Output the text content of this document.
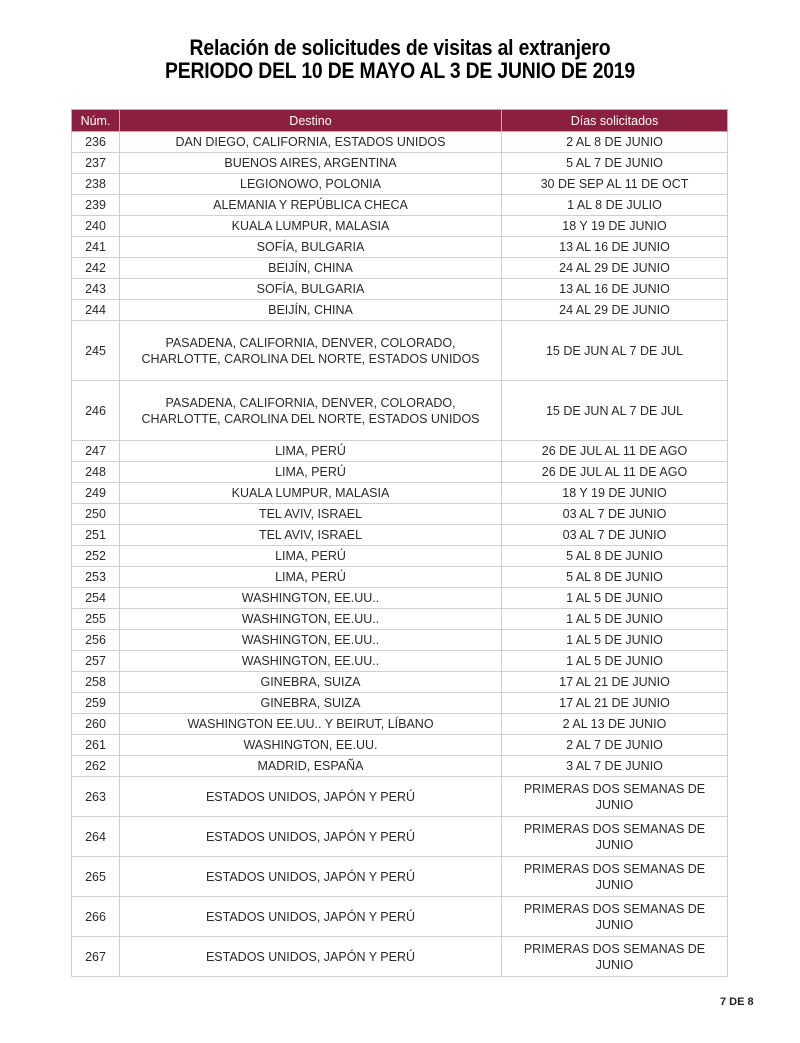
Relación de solicitudes de visitas al extranjero
PERIODO DEL 10 DE MAYO AL 3 DE JUNIO DE 2019
Núm.	Destino	Días solicitados
236	DAN DIEGO, CALIFORNIA, ESTADOS UNIDOS	2 AL 8 DE JUNIO
237	BUENOS AIRES, ARGENTINA	5 AL 7 DE JUNIO
238	LEGIONOWO, POLONIA	30 DE SEP AL 11 DE OCT
239	ALEMANIA Y REPÚBLICA CHECA	1 AL 8 DE JULIO
240	KUALA LUMPUR, MALASIA	18 Y 19 DE JUNIO
241	SOFÍA, BULGARIA	13 AL 16 DE JUNIO
242	BEIJÍN, CHINA	24 AL 29 DE JUNIO
243	SOFÍA, BULGARIA	13 AL 16 DE JUNIO
244	BEIJÍN, CHINA	24 AL 29 DE JUNIO
245	PASADENA, CALIFORNIA, DENVER, COLORADO,
CHARLOTTE, CAROLINA DEL NORTE, ESTADOS UNIDOS	15 DE JUN AL 7 DE JUL
246	PASADENA, CALIFORNIA, DENVER, COLORADO,
CHARLOTTE, CAROLINA DEL NORTE, ESTADOS UNIDOS	15 DE JUN AL 7 DE JUL
247	LIMA, PERÚ	26 DE JUL AL 11 DE AGO
248	LIMA, PERÚ	26 DE JUL AL 11 DE AGO
249	KUALA LUMPUR, MALASIA	18 Y 19 DE JUNIO
250	TEL AVIV, ISRAEL	03 AL 7 DE JUNIO
251	TEL AVIV, ISRAEL	03 AL 7 DE JUNIO
252	LIMA, PERÚ	5 AL 8 DE JUNIO
253	LIMA, PERÚ	5 AL 8 DE JUNIO
254	WASHINGTON, EE.UU..	1 AL 5 DE JUNIO
255	WASHINGTON, EE.UU..	1 AL 5 DE JUNIO
256	WASHINGTON, EE.UU..	1 AL 5 DE JUNIO
257	WASHINGTON, EE.UU..	1 AL 5 DE JUNIO
258	GINEBRA, SUIZA	17 AL 21 DE JUNIO
259	GINEBRA, SUIZA	17 AL 21 DE JUNIO
260	WASHINGTON EE.UU.. Y BEIRUT, LÍBANO	2 AL 13 DE JUNIO
261	WASHINGTON, EE.UU.	2 AL 7 DE JUNIO
262	MADRID, ESPAÑA	3 AL 7 DE JUNIO
263	ESTADOS UNIDOS, JAPÓN Y PERÚ	PRIMERAS DOS SEMANAS DE
JUNIO

264	ESTADOS UNIDOS, JAPÓN Y PERÚ	PRIMERAS DOS SEMANAS DE
JUNIO

265	ESTADOS UNIDOS, JAPÓN Y PERÚ	PRIMERAS DOS SEMANAS DE
JUNIO

266	ESTADOS UNIDOS, JAPÓN Y PERÚ	PRIMERAS DOS SEMANAS DE
JUNIO

267	ESTADOS UNIDOS, JAPÓN Y PERÚ	PRIMERAS DOS SEMANAS DE
JUNIO
7 DE 8
